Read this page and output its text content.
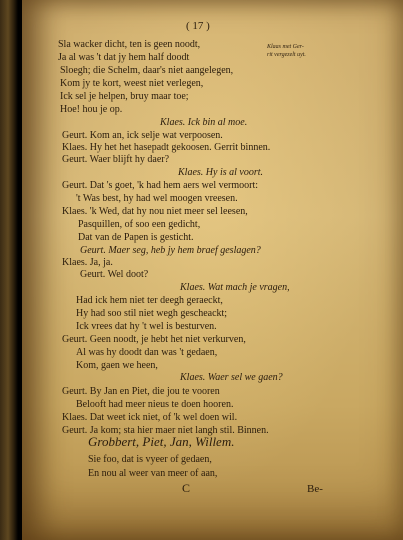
( 17 )
Klaas met Ger-
rit vergezelt uyt.
Sla wacker dicht, ten is geen noodt,
Ja al was 't dat jy hem half doodt
Sloegh; die Schelm, daar's niet aangelegen,
Kom jy te kort, weest niet verlegen,
Ick sel je helpen, bruy maar toe;
Hoe! hou je op.
Klaes. Ick bin al moe.
Geurt. Kom an, ick selje wat verpoosen.
Klaes. Hy het het hasepadt gekoosen. Gerrit binnen.
Geurt. Waer blijft hy daer?
Klaes. Hy is al voort.
Geurt. Dat 's goet, 'k had hem aers wel vermoort:
't Was best, hy had wel moogen vreesen.
Klaes. 'k Wed, dat hy nou niet meer sel leesen,
Pasquillen, of soo een gedicht,
Dat van de Papen is gesticht.
Geurt. Maer seg, heb jy hem braef geslagen?
Klaes. Ja, ja.
Geurt. Wel doot?
Klaes. Wat mach je vragen,
Had ick hem niet ter deegh geraeckt,
Hy had soo stil niet wegh gescheackt;
Ick vrees dat hy 't wel is besturven.
Geurt. Geen noodt, je hebt het niet verkurven,
Al was hy doodt dan was 't gedaen,
Kom, gaen we heen,
Klaes. Waer sel we gaen?
Geurt. By Jan en Piet, die jou te vooren
Belooft had meer nieus te doen hooren.
Klaes. Dat weet ick niet, of 'k wel doen wil.
Geurt. Ja kom; sta hier maer niet langh stil. Binnen.
Grobbert, Piet, Jan, Willem.
Sie foo, dat is vyeer of gedaen,
En nou al weer van meer of aan,
C	Be-
